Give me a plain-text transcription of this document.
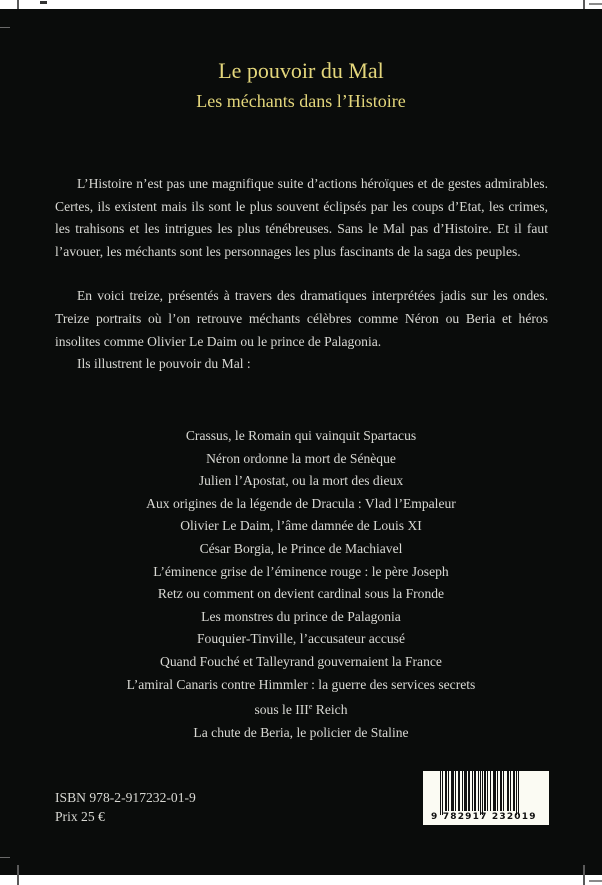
Le pouvoir du Mal
Les méchants dans l’Histoire

L’Histoire n’est pas une magnifique suite d’actions héroïques et de gestes admirables. Certes, ils existent mais ils sont le plus souvent éclipsés par les coups d’Etat, les crimes, les trahisons et les intrigues les plus ténébreuses. Sans le Mal pas d’Histoire. Et il faut l’avouer, les méchants sont les personnages les plus fascinants de la saga des peuples.

En voici treize, présentés à travers des dramatiques interprétées jadis sur les ondes. Treize portraits où l’on retrouve méchants célèbres comme Néron ou Beria et héros insolites comme Olivier Le Daim ou le prince de Palagonia.

Ils illustrent le pouvoir du Mal :

Crassus, le Romain qui vainquit Spartacus
Néron ordonne la mort de Sénèque
Julien l’Apostat, ou la mort des dieux
Aux origines de la légende de Dracula : Vlad l’Empaleur
Olivier Le Daim, l’âme damnée de Louis XI
César Borgia, le Prince de Machiavel
L’éminence grise de l’éminence rouge : le père Joseph
Retz ou comment on devient cardinal sous la Fronde
Les monstres du prince de Palagonia
Fouquier-Tinville, l’accusateur accusé
Quand Fouché et Talleyrand gouvernaient la France
L’amiral Canaris contre Himmler : la guerre des services secrets
sous le IIIe Reich
La chute de Beria, le policier de Staline
ISBN 978-2-917232-01-9
Prix 25 €	9 782917 232019
